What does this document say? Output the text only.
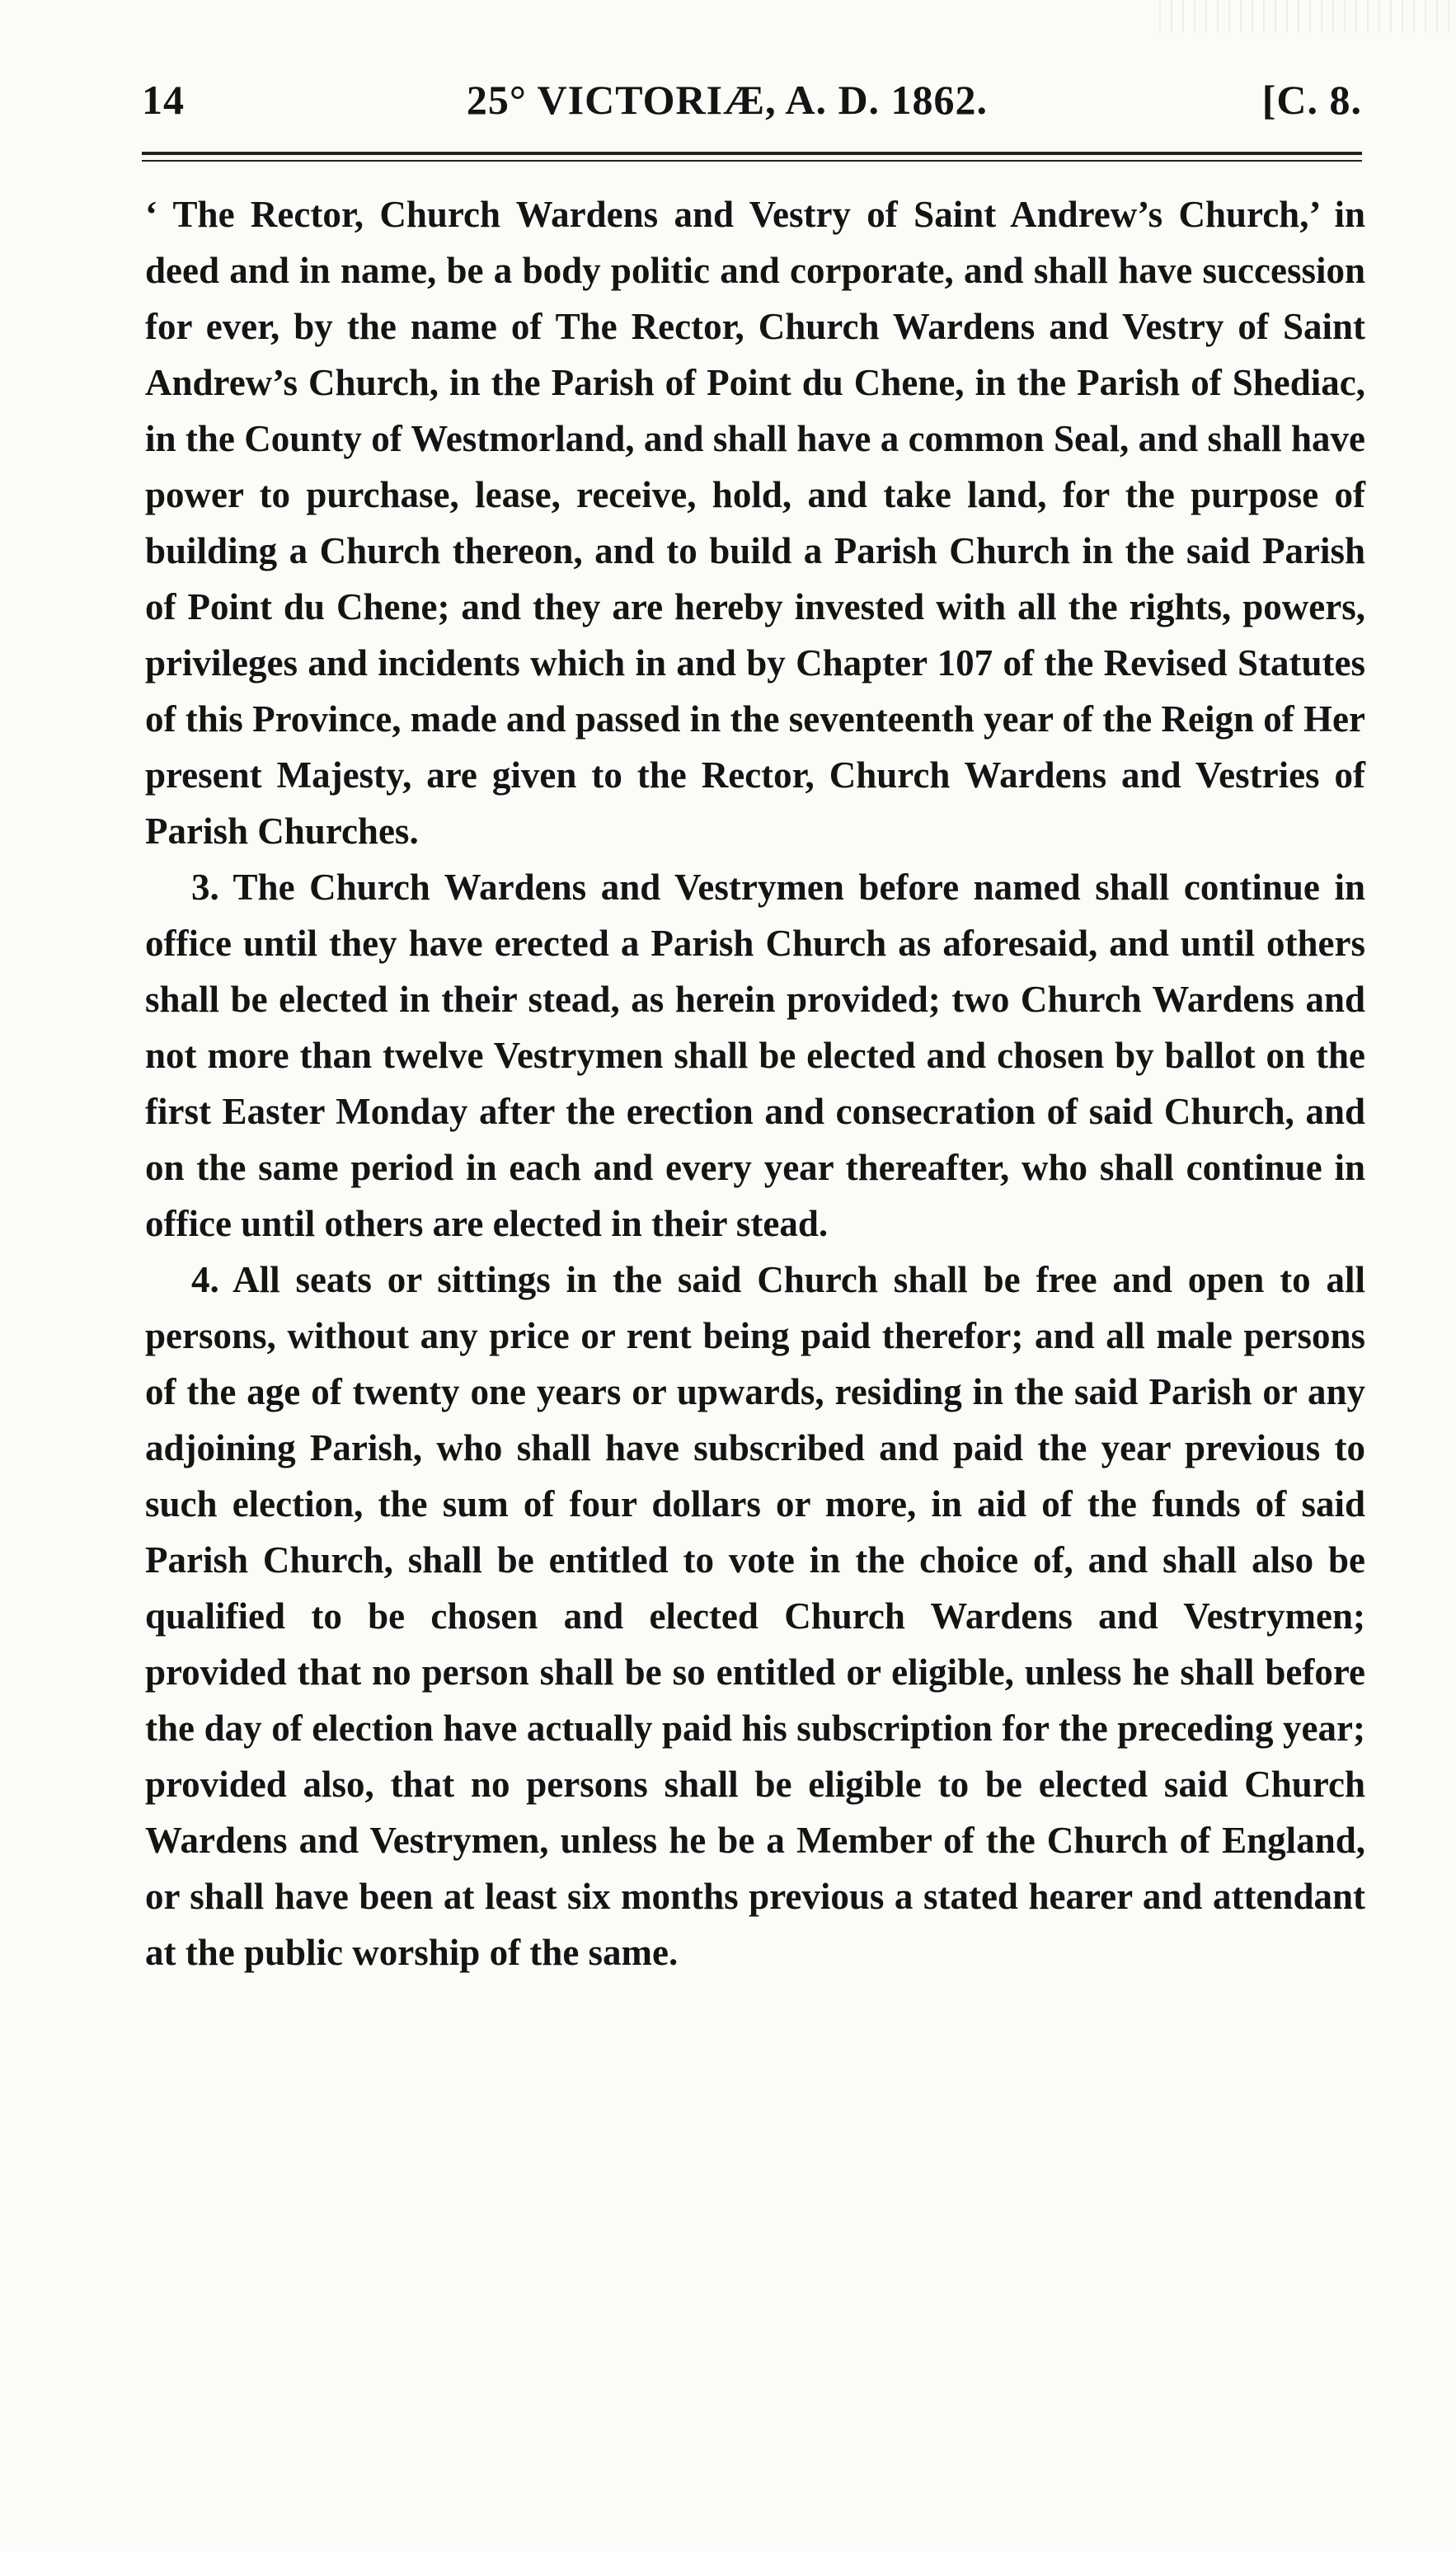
14	25° VICTORIÆ, A. D. 1862.	[C. 8.

‘ The Rector, Church Wardens and Vestry of Saint Andrew’s Church,’ in deed and in name, be a body politic and corporate, and shall have succession for ever, by the name of The Rector, Church Wardens and Vestry of Saint Andrew’s Church, in the Parish of Point du Chene, in the Parish of Shediac, in the County of Westmorland, and shall have a common Seal, and shall have power to purchase, lease, receive, hold, and take land, for the purpose of building a Church thereon, and to build a Parish Church in the said Parish of Point du Chene; and they are hereby invested with all the rights, powers, privileges and incidents which in and by Chapter 107 of the Revised Statutes of this Province, made and passed in the seventeenth year of the Reign of Her present Majesty, are given to the Rector, Church Wardens and Vestries of Parish Churches.

3. The Church Wardens and Vestrymen before named shall continue in office until they have erected a Parish Church as aforesaid, and until others shall be elected in their stead, as herein provided; two Church Wardens and not more than twelve Vestrymen shall be elected and chosen by ballot on the first Easter Monday after the erection and consecration of said Church, and on the same period in each and every year thereafter, who shall continue in office until others are elected in their stead.

4. All seats or sittings in the said Church shall be free and open to all persons, without any price or rent being paid therefor; and all male persons of the age of twenty one years or upwards, residing in the said Parish or any adjoining Parish, who shall have subscribed and paid the year previous to such election, the sum of four dollars or more, in aid of the funds of said Parish Church, shall be entitled to vote in the choice of, and shall also be qualified to be chosen and elected Church Wardens and Vestrymen; provided that no person shall be so entitled or eligible, unless he shall before the day of election have actually paid his subscription for the preceding year; provided also, that no persons shall be eligible to be elected said Church Wardens and Vestrymen, unless he be a Member of the Church of England, or shall have been at least six months previous a stated hearer and attendant at the public worship of the same.
